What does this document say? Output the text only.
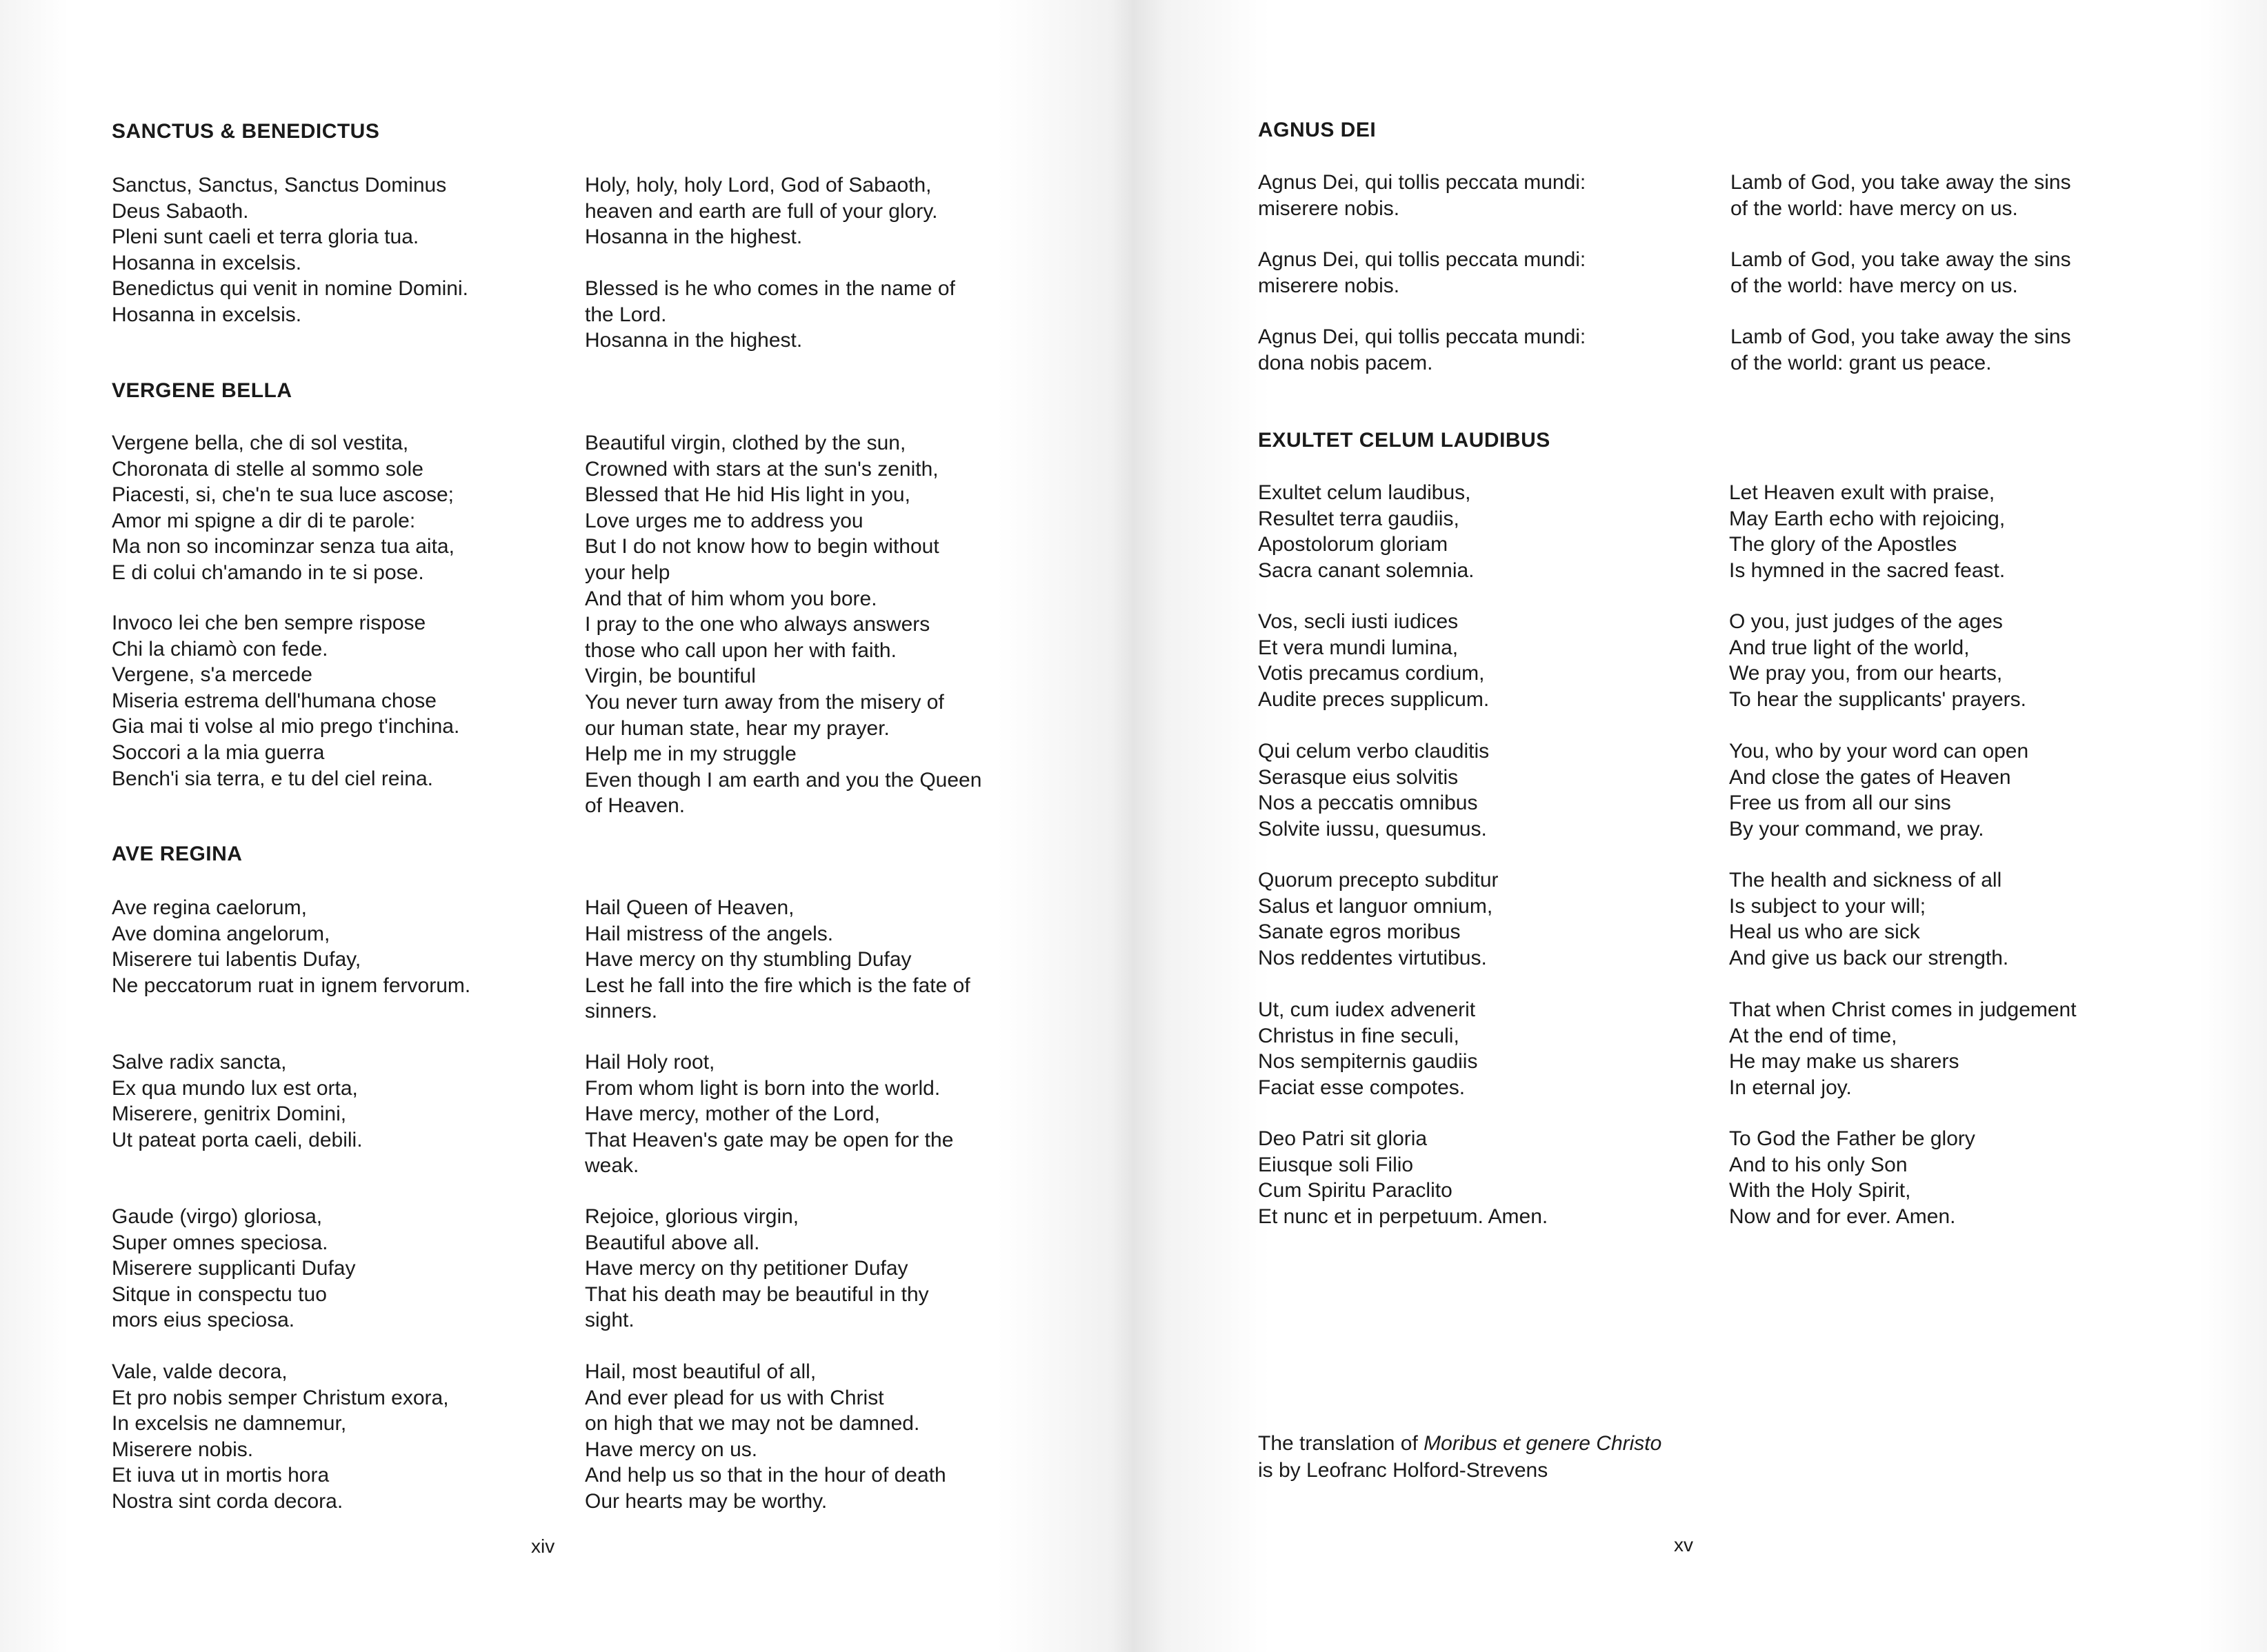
SANCTUS & BENEDICTUS

Sanctus, Sanctus, Sanctus Dominus
Deus Sabaoth.
Pleni sunt caeli et terra gloria tua.
Hosanna in excelsis.
Benedictus qui venit in nomine Domini.
Hosanna in excelsis.

Holy, holy, holy Lord, God of Sabaoth,
heaven and earth are full of your glory.
Hosanna in the highest.

Blessed is he who comes in the name of
the Lord.
Hosanna in the highest.

VERGENE BELLA

Vergene bella, che di sol vestita,
Choronata di stelle al sommo sole
Piacesti, si, che'n te sua luce ascose;
Amor mi spigne a dir di te parole:
Ma non so incominzar senza tua aita,
E di colui ch'amando in te si pose.

Invoco lei che ben sempre rispose
Chi la chiamò con fede.
Vergene, s'a mercede
Miseria estrema dell'humana chose
Gia mai ti volse al mio prego t'inchina.
Soccori a la mia guerra
Bench'i sia terra, e tu del ciel reina.

Beautiful virgin, clothed by the sun,
Crowned with stars at the sun's zenith,
Blessed that He hid His light in you,
Love urges me to address you
But I do not know how to begin without
your help
And that of him whom you bore.
I pray to the one who always answers
those who call upon her with faith.
Virgin, be bountiful
You never turn away from the misery of
our human state, hear my prayer.
Help me in my struggle
Even though I am earth and you the Queen
of Heaven.

AVE REGINA

Ave regina caelorum,
Ave domina angelorum,
Miserere tui labentis Dufay,
Ne peccatorum ruat in ignem fervorum.

Hail Queen of Heaven,
Hail mistress of the angels.
Have mercy on thy stumbling Dufay
Lest he fall into the fire which is the fate of
sinners.

Salve radix sancta,
Ex qua mundo lux est orta,
Miserere, genitrix Domini,
Ut pateat porta caeli, debili.

Hail Holy root,
From whom light is born into the world.
Have mercy, mother of the Lord,
That Heaven's gate may be open for the
weak.

Gaude (virgo) gloriosa,
Super omnes speciosa.
Miserere supplicanti Dufay
Sitque in conspectu tuo
mors eius speciosa.

Rejoice, glorious virgin,
Beautiful above all.
Have mercy on thy petitioner Dufay
That his death may be beautiful in thy
sight.

Vale, valde decora,
Et pro nobis semper Christum exora,
In excelsis ne damnemur,
Miserere nobis.
Et iuva ut in mortis hora
Nostra sint corda decora.

Hail, most beautiful of all,
And ever plead for us with Christ
on high that we may not be damned.
Have mercy on us.
And help us so that in the hour of death
Our hearts may be worthy.

xiv
AGNUS DEI

Agnus Dei, qui tollis peccata mundi:
miserere nobis.

Lamb of God, you take away the sins
of the world: have mercy on us.

Agnus Dei, qui tollis peccata mundi:
miserere nobis.

Lamb of God, you take away the sins
of the world: have mercy on us.

Agnus Dei, qui tollis peccata mundi:
dona nobis pacem.

Lamb of God, you take away the sins
of the world: grant us peace.

EXULTET CELUM LAUDIBUS

Exultet celum laudibus,
Resultet terra gaudiis,
Apostolorum gloriam
Sacra canant solemnia.

Let Heaven exult with praise,
May Earth echo with rejoicing,
The glory of the Apostles
Is hymned in the sacred feast.

Vos, secli iusti iudices
Et vera mundi lumina,
Votis precamus cordium,
Audite preces supplicum.

O you, just judges of the ages
And true light of the world,
We pray you, from our hearts,
To hear the supplicants' prayers.

Qui celum verbo clauditis
Serasque eius solvitis
Nos a peccatis omnibus
Solvite iussu, quesumus.

You, who by your word can open
And close the gates of Heaven
Free us from all our sins
By your command, we pray.

Quorum precepto subditur
Salus et languor omnium,
Sanate egros moribus
Nos reddentes virtutibus.

The health and sickness of all
Is subject to your will;
Heal us who are sick
And give us back our strength.

Ut, cum iudex advenerit
Christus in fine seculi,
Nos sempiternis gaudiis
Faciat esse compotes.

That when Christ comes in judgement
At the end of time,
He may make us sharers
In eternal joy.

Deo Patri sit gloria
Eiusque soli Filio
Cum Spiritu Paraclito
Et nunc et in perpetuum. Amen.

To God the Father be glory
And to his only Son
With the Holy Spirit,
Now and for ever. Amen.

The translation of Moribus et genere Christo
is by Leofranc Holford-Strevens

xv
